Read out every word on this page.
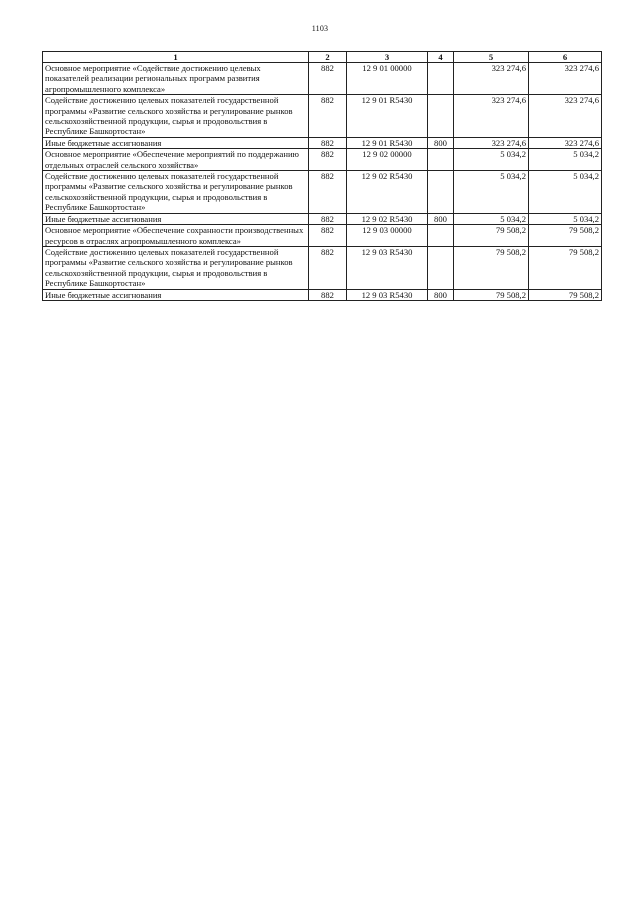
1103
1	2	3	4	5	6
Основное мероприятие «Содействие достижению целевых показателей реализации региональных программ развития агропромышленного комплекса»	882	12 9 01 00000		323 274,6	323 274,6
Содействие достижению целевых показателей государственной программы «Развитие сельского хозяйства и регулирование рынков сельскохозяйственной продукции, сырья и продовольствия в Республике Башкортостан»	882	12 9 01 R5430		323 274,6	323 274,6
Иные бюджетные ассигнования	882	12 9 01 R5430	800	323 274,6	323 274,6
Основное мероприятие «Обеспечение мероприятий по поддержанию отдельных отраслей сельского хозяйства»	882	12 9 02 00000		5 034,2	5 034,2
Содействие достижению целевых показателей государственной программы «Развитие сельского хозяйства и регулирование рынков сельскохозяйственной продукции, сырья и продовольствия в Республике Башкортостан»	882	12 9 02 R5430		5 034,2	5 034,2
Иные бюджетные ассигнования	882	12 9 02 R5430	800	5 034,2	5 034,2
Основное мероприятие «Обеспечение сохранности производственных ресурсов в отраслях агропромышленного комплекса»	882	12 9 03 00000		79 508,2	79 508,2
Содействие достижению целевых показателей государственной программы «Развитие сельского хозяйства и регулирование рынков сельскохозяйственной продукции, сырья и продовольствия в Республике Башкортостан»	882	12 9 03 R5430		79 508,2	79 508,2
Иные бюджетные ассигнования	882	12 9 03 R5430	800	79 508,2	79 508,2
